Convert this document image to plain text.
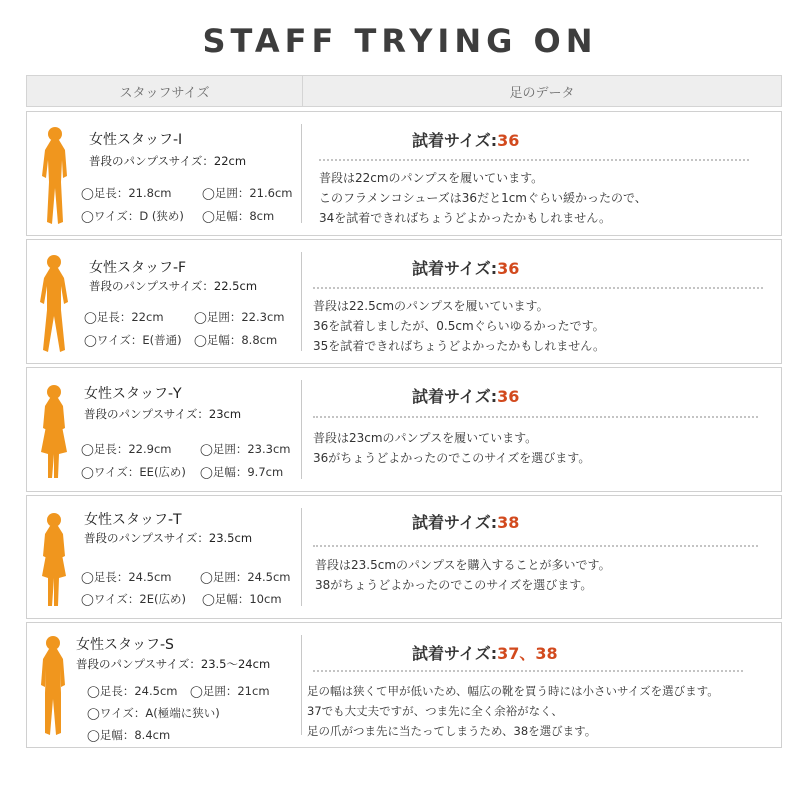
STAFF TRYING ON
スタッフサイズ	足のデータ
女性スタッフ-I
普段のパンプスサイズ：22cm
◯足長：21.8cm	◯足囲：21.6cm
◯ワイズ：D (狭め) ◯足幅：8cm
試着サイズ:36
普段は22cmのパンプスを履いています。
このフラメンコシューズは36だと1cmぐらい緩かったので、
34を試着できればちょうどよかったかもしれません。
女性スタッフ-F
普段のパンプスサイズ：22.5cm
◯足長：22cm	◯足囲：22.3cm
◯ワイズ：E(普通) ◯足幅：8.8cm
試着サイズ:36
普段は22.5cmのパンプスを履いています。
36を試着しましたが、0.5cmぐらいゆるかったです。
35を試着できればちょうどよかったかもしれません。
女性スタッフ-Y
普段のパンプスサイズ：23cm
◯足長：22.9cm ◯足囲：23.3cm
◯ワイズ：EE(広め) ◯足幅：9.7cm
試着サイズ:36
普段は23cmのパンプスを履いています。
36がちょうどよかったのでこのサイズを選びます。
女性スタッフ-T
普段のパンプスサイズ：23.5cm
◯足長：24.5cm ◯足囲：24.5cm
◯ワイズ：2E(広め) ◯足幅：10cm
試着サイズ:38
普段は23.5cmのパンプスを購入することが多いです。
38がちょうどよかったのでこのサイズを選びます。
女性スタッフ-S
普段のパンプスサイズ：23.5〜24cm
◯足長：24.5cm ◯足囲：21cm
◯ワイズ：A(極端に狭い)
◯足幅：8.4cm
試着サイズ:37、38
足の幅は狭くて甲が低いため、幅広の靴を買う時には小さいサイズを選びます。
37でも大丈夫ですが、つま先に全く余裕がなく、
足の爪がつま先に当たってしまうため、38を選びます。
